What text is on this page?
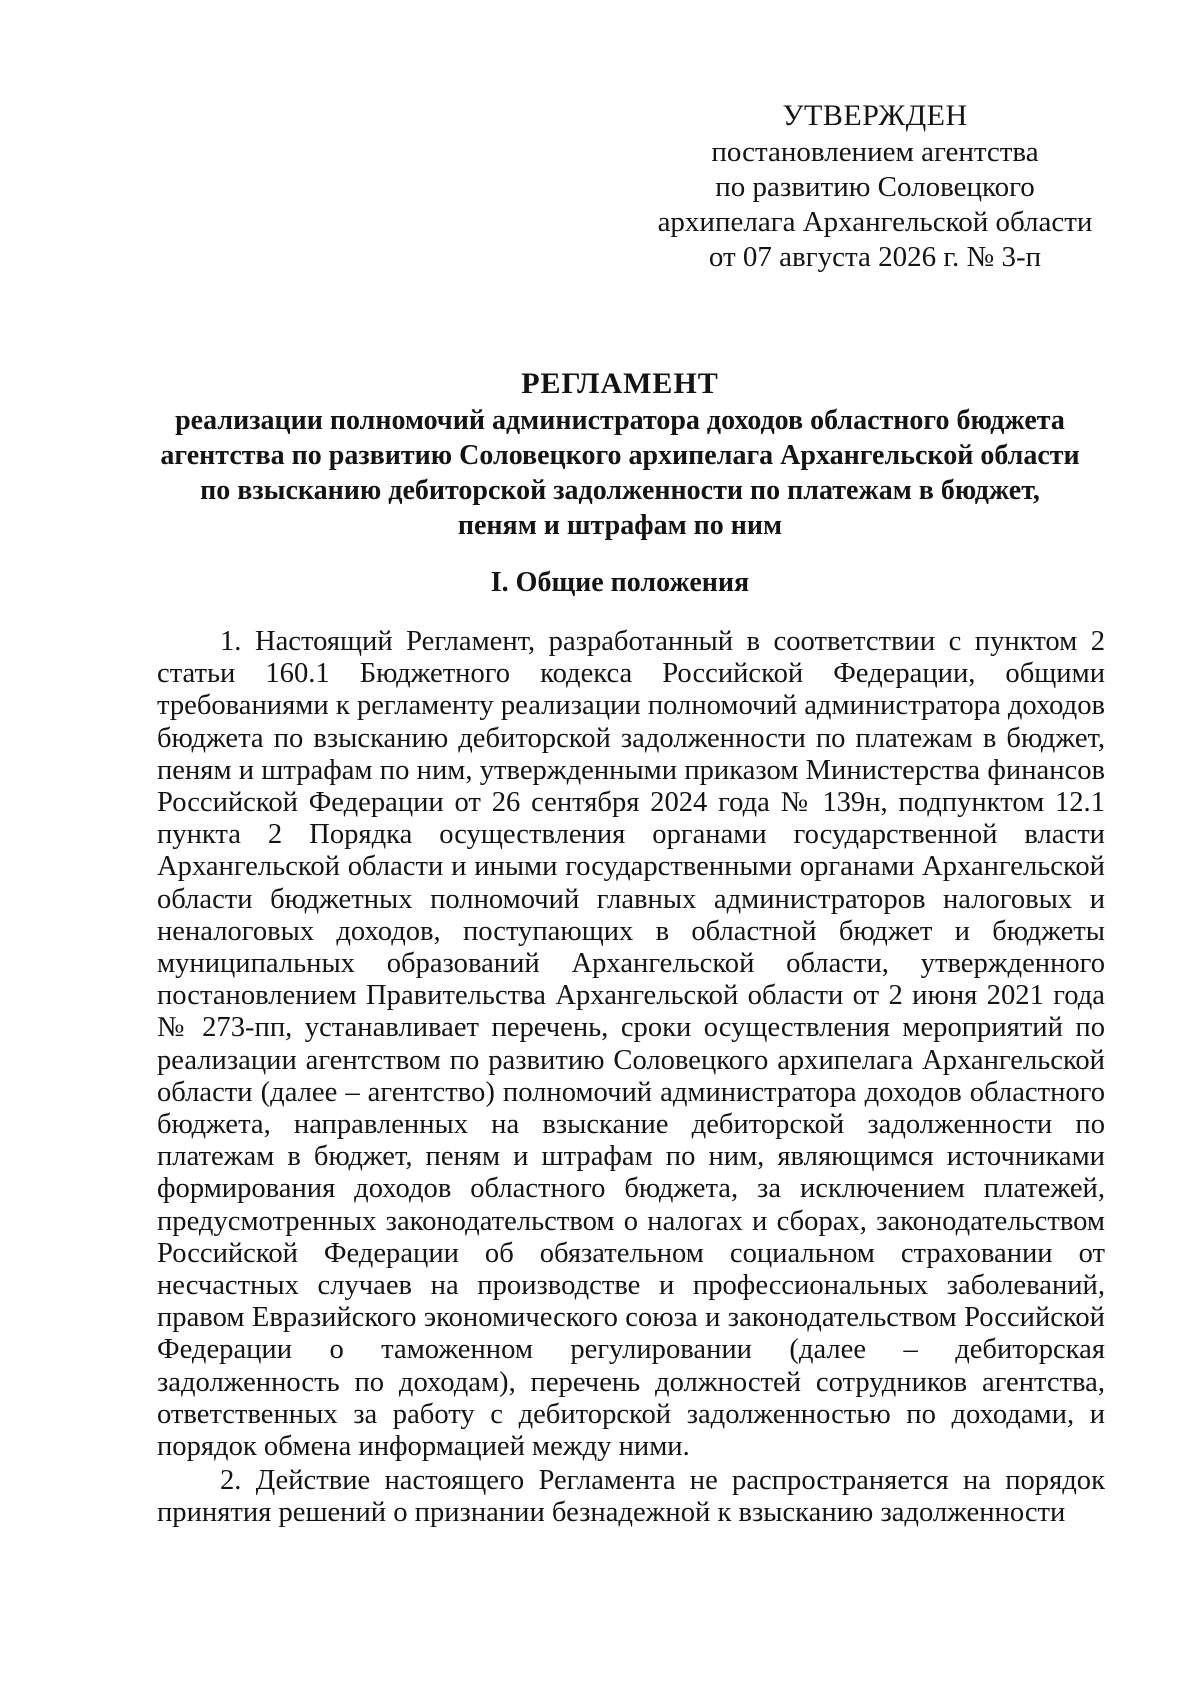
УТВЕРЖДЕН
постановлением агентства
по развитию Соловецкого
архипелага Архангельской области
от 07 августа 2026 г. № 3-п
РЕГЛАМЕНТ
реализации полномочий администратора доходов областного бюджета
агентства по развитию Соловецкого архипелага Архангельской области
по взысканию дебиторской задолженности по платежам в бюджет,
пеням и штрафам по ним
I. Общие положения

1. Настоящий Регламент, разработанный в соответствии с пунктом 2 статьи 160.1 Бюджетного кодекса Российской Федерации, общими требованиями к регламенту реализации полномочий администратора доходов бюджета по взысканию дебиторской задолженности по платежам в бюджет, пеням и штрафам по ним, утвержденными приказом Министерства финансов Российской Федерации от 26 сентября 2024 года № 139н, подпунктом 12.1 пункта 2 Порядка осуществления органами государственной власти Архангельской области и иными государственными органами Архангельской области бюджетных полномочий главных администраторов налоговых и неналоговых доходов, поступающих в областной бюджет и бюджеты муниципальных образований Архангельской области, утвержденного постановлением Правительства Архангельской области от 2 июня 2021 года № 273-пп, устанавливает перечень, сроки осуществления мероприятий по реализации агентством по развитию Соловецкого архипелага Архангельской области (далее – агентство) полномочий администратора доходов областного бюджета, направленных на взыскание дебиторской задолженности по платежам в бюджет, пеням и штрафам по ним, являющимся источниками формирования доходов областного бюджета, за исключением платежей, предусмотренных законодательством о налогах и сборах, законодательством Российской Федерации об обязательном социальном страховании от несчастных случаев на производстве и профессиональных заболеваний, правом Евразийского экономического союза и законодательством Российской Федерации о таможенном регулировании (далее – дебиторская задолженность по доходам), перечень должностей сотрудников агентства, ответственных за работу с дебиторской задолженностью по доходами, и порядок обмена информацией между ними.

2. Действие настоящего Регламента не распространяется на порядок принятия решений о признании безнадежной к взысканию задолженности
